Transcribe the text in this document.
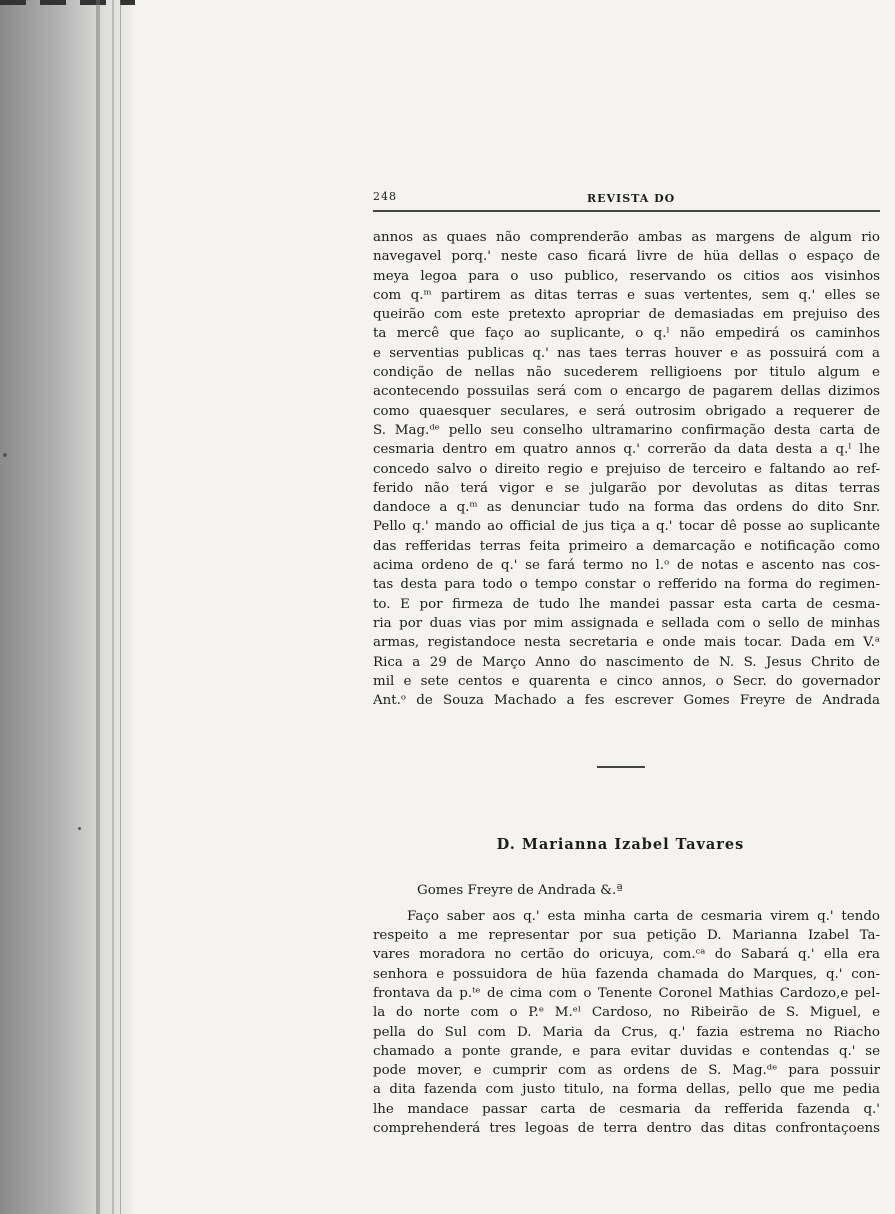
248	REVISTA DO
annos as quaes não comprenderão ambas as margens de algum rio
navegavel porq.' neste caso ficará livre de hüa dellas o espaço de
meya legoa para o uso publico, reservando os citios aos visinhos
com q.ᵐ partirem as ditas terras e suas vertentes, sem q.' elles se
queirão com este pretexto apropriar de demasiadas em prejuiso des
ta mercê que faço ao suplicante, o q.ˡ não empedirá os caminhos
e serventias publicas q.' nas taes terras houver e as possuirá com a
condição de nellas não sucederem relligioens por titulo algum e
acontecendo possuilas será com o encargo de pagarem dellas dizimos
como quaesquer seculares, e será outrosim obrigado a requerer de
S. Mag.ᵈᵉ pello seu conselho ultramarino confirmação desta carta de
cesmaria dentro em quatro annos q.' correrão da data desta a q.ˡ lhe
concedo salvo o direito regio e prejuiso de terceiro e faltando ao ref-
ferido não terá vigor e se julgarão por devolutas as ditas terras
dandoce a q.ᵐ as denunciar tudo na forma das ordens do dito Snr.
Pello q.' mando ao official de jus tiça a q.' tocar dê posse ao suplicante
das refferidas terras feita primeiro a demarcação e notificação como
acima ordeno de q.' se fará termo no l.ᵒ de notas e ascento nas cos-
tas desta para todo o tempo constar o refferido na forma do regimen-
to. E por firmeza de tudo lhe mandei passar esta carta de cesma-
ria por duas vias por mim assignada e sellada com o sello de minhas
armas, registandoce nesta secretaria e onde mais tocar. Dada em V.ᵃ
Rica a 29 de Março Anno do nascimento de N. S. Jesus Chrito de
mil e sete centos e quarenta e cinco annos, o Secr. do governador
Ant.ᵒ de Souza Machado a fes escrever Gomes Freyre de Andrada
D. Marianna Izabel Tavares
Gomes Freyre de Andrada &.ª
Faço saber aos q.' esta minha carta de cesmaria virem q.' tendo
respeito a me representar por sua petição D. Marianna Izabel Ta-
vares moradora no certão do oricuya, com.ᶜᵃ do Sabará q.' ella era
senhora e possuidora de hüa fazenda chamada do Marques, q.' con-
frontava da p.ᵗᵉ de cima com o Tenente Coronel Mathias Cardozo,e pel-
la do norte com o P.ᵉ M.ᵉˡ Cardoso, no Ribeirão de S. Miguel, e
pella do Sul com D. Maria da Crus, q.' fazia estrema no Riacho
chamado a ponte grande, e para evitar duvidas e contendas q.' se
pode mover, e cumprir com as ordens de S. Mag.ᵈᵉ para possuir
a dita fazenda com justo titulo, na forma dellas, pello que me pedia
lhe mandace passar carta de cesmaria da refferida fazenda q.'
comprehenderá tres legoas de terra dentro das ditas confrontaçoens
